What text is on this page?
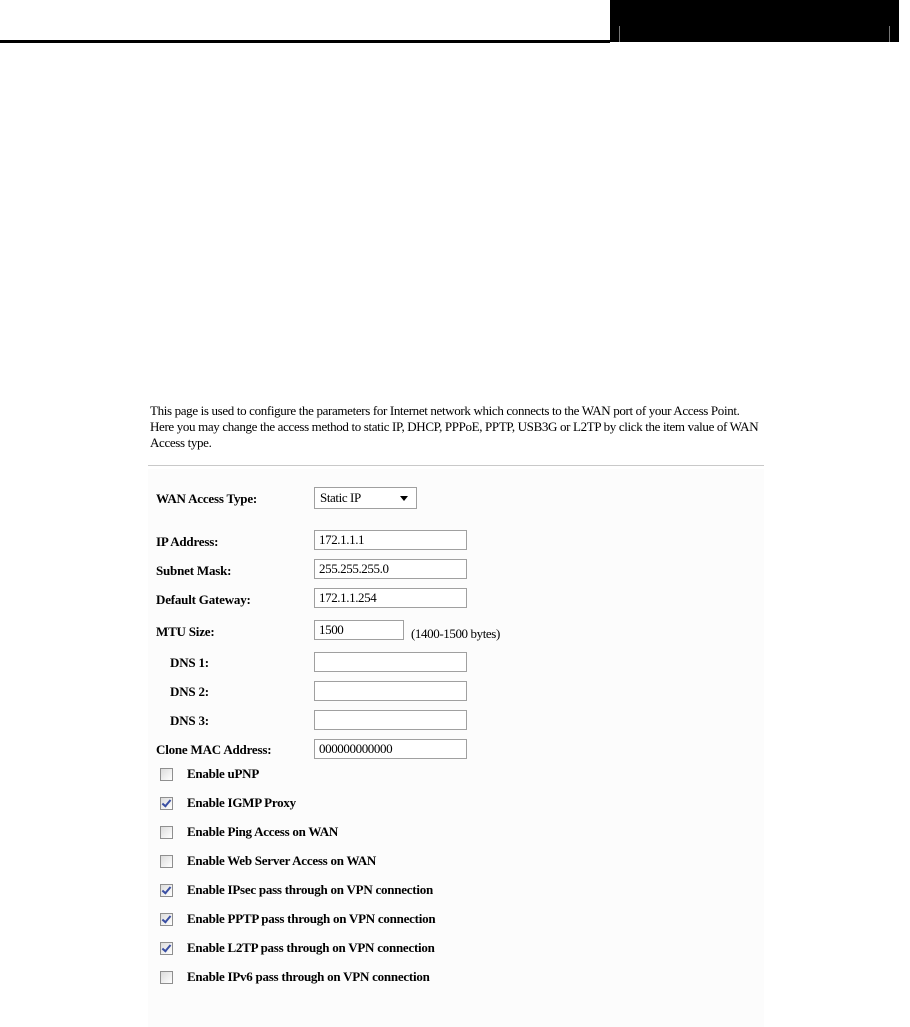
This page is used to configure the parameters for Internet network which connects to the WAN port of your Access Point. Here you may change the access method to static IP, DHCP, PPPoE, PPTP, USB3G or L2TP by click the item value of WAN Access type.
WAN Access Type:	Static IP
IP Address:
172.1.1.1
Subnet Mask:
255.255.255.0
Default Gateway:
172.1.1.254
MTU Size:
1500	(1400-1500 bytes)
DNS 1:
DNS 2:
DNS 3:
Clone MAC Address:
000000000000
Enable uPNP
Enable IGMP Proxy
Enable Ping Access on WAN
Enable Web Server Access on WAN
Enable IPsec pass through on VPN connection
Enable PPTP pass through on VPN connection
Enable L2TP pass through on VPN connection
Enable IPv6 pass through on VPN connection
